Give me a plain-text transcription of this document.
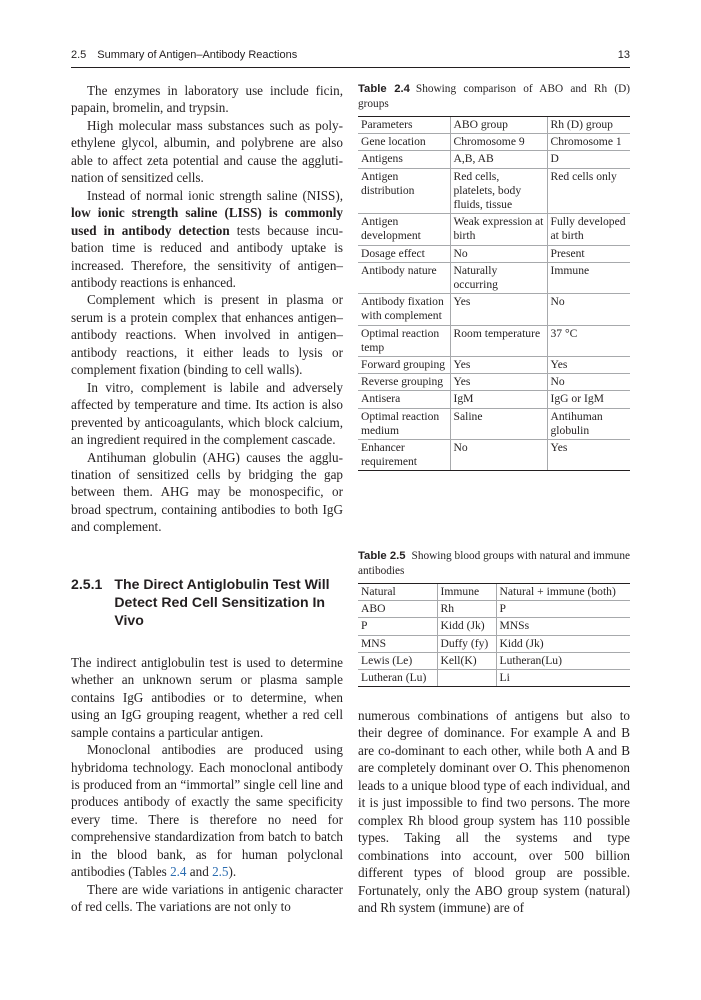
2.5 Summary of Antigen–Antibody Reactions	13

The enzymes in laboratory use include ficin, papain, bromelin, and trypsin.

High molecular mass substances such as polyethylene glycol, albumin, and polybrene are also able to affect zeta potential and cause the agglutination of sensitized cells.

Instead of normal ionic strength saline (NISS), low ionic strength saline (LISS) is commonly used in antibody detection tests because incubation time is reduced and antibody uptake is increased. Therefore, the sensitivity of antigen–antibody reactions is enhanced.

Complement which is present in plasma or serum is a protein complex that enhances antigen–antibody reactions. When involved in antigen–antibody reactions, it either leads to lysis or complement fixation (binding to cell walls).

In vitro, complement is labile and adversely affected by temperature and time. Its action is also prevented by anticoagulants, which block calcium, an ingredient required in the complement cascade.

Antihuman globulin (AHG) causes the agglutination of sensitized cells by bridging the gap between them. AHG may be monospecific, or broad spectrum, containing antibodies to both IgG and complement.

2.5.1 The Direct Antiglobulin Test Will Detect Red Cell Sensitization In Vivo

The indirect antiglobulin test is used to determine whether an unknown serum or plasma sample contains IgG antibodies or to determine, when using an IgG grouping reagent, whether a red cell sample contains a particular antigen.

Monoclonal antibodies are produced using hybridoma technology. Each monoclonal antibody is produced from an “immortal” single cell line and produces antibody of exactly the same specificity every time. There is therefore no need for comprehensive standardization from batch to batch in the blood bank, as for human polyclonal antibodies (Tables 2.4 and 2.5).

There are wide variations in antigenic character of red cells. The variations are not only to

Table 2.4 Showing comparison of ABO and Rh (D) groups
Parameters	ABO group	Rh (D) group
Gene location	Chromosome 9	Chromosome 1
Antigens	A,B, AB	D
Antigen distribution	Red cells, platelets, body fluids, tissue	Red cells only
Antigen development	Weak expression at birth	Fully developed at birth
Dosage effect	No	Present
Antibody nature	Naturally occurring	Immune
Antibody fixation with complement	Yes	No
Optimal reaction temp	Room temperature	37 °C
Forward grouping	Yes	Yes
Reverse grouping	Yes	No
Antisera	IgM	IgG or IgM
Optimal reaction medium	Saline	Antihuman globulin
Enhancer requirement	No	Yes
Table 2.5 Showing blood groups with natural and immune antibodies
Natural	Immune	Natural + immune (both)
ABO	Rh	P
P	Kidd (Jk)	MNSs
MNS	Duffy (fy)	Kidd (Jk)
Lewis (Le)	Kell(K)	Lutheran(Lu)
Lutheran (Lu)		Li

numerous combinations of antigens but also to their degree of dominance. For example A and B are co-dominant to each other, while both A and B are completely dominant over O. This phenomenon leads to a unique blood type of each individual, and it is just impossible to find two persons. The more complex Rh blood group system has 110 possible types. Taking all the systems and type combinations into account, over 500 billion different types of blood group are possible. Fortunately, only the ABO group system (natural) and Rh system (immune) are of
